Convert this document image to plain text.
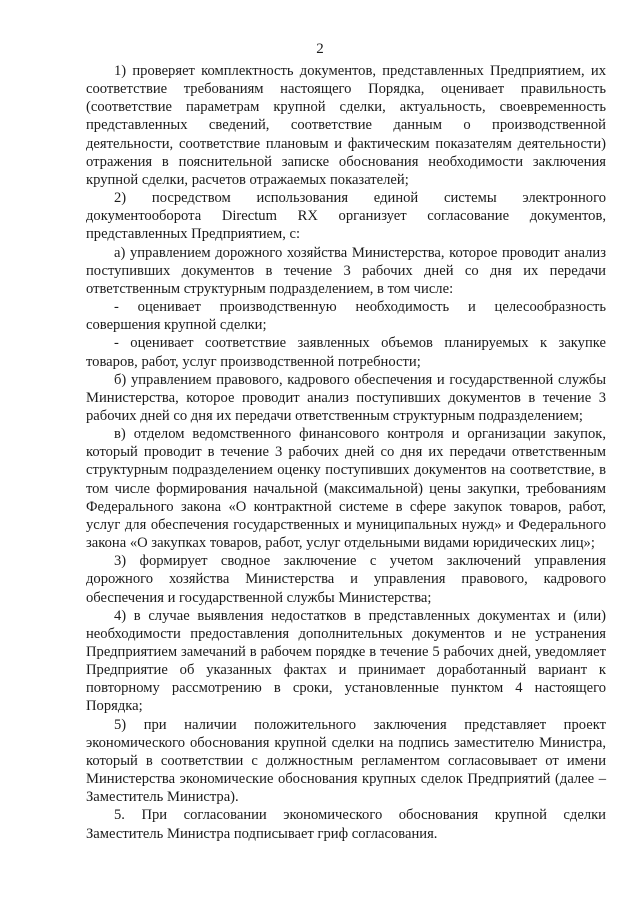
2

1) проверяет комплектность документов, представленных Предприятием, их соответствие требованиям настоящего Порядка, оценивает правильность (соответствие параметрам крупной сделки, актуальность, своевременность представленных сведений, соответствие данным о производственной деятельности, соответствие плановым и фактическим показателям деятельности) отражения в пояснительной записке обоснования необходимости заключения крупной сделки, расчетов отражаемых показателей;

2) посредством использования единой системы электронного документооборота Directum RX организует согласование документов, представленных Предприятием, с:

а) управлением дорожного хозяйства Министерства, которое проводит анализ поступивших документов в течение 3 рабочих дней со дня их передачи ответственным структурным подразделением, в том числе:

- оценивает производственную необходимость и целесообразность совершения крупной сделки;

- оценивает соответствие заявленных объемов планируемых к закупке товаров, работ, услуг производственной потребности;

б) управлением правового, кадрового обеспечения и государственной службы Министерства, которое проводит анализ поступивших документов в течение 3 рабочих дней со дня их передачи ответственным структурным подразделением;

в) отделом ведомственного финансового контроля и организации закупок, который проводит в течение 3 рабочих дней со дня их передачи ответственным структурным подразделением оценку поступивших документов на соответствие, в том числе формирования начальной (максимальной) цены закупки, требованиям Федерального закона «О контрактной системе в сфере закупок товаров, работ, услуг для обеспечения государственных и муниципальных нужд» и Федерального закона «О закупках товаров, работ, услуг отдельными видами юридических лиц»;

3) формирует сводное заключение с учетом заключений управления дорожного хозяйства Министерства и управления правового, кадрового обеспечения и государственной службы Министерства;

4) в случае выявления недостатков в представленных документах и (или) необходимости предоставления дополнительных документов и не устранения Предприятием замечаний в рабочем порядке в течение 5 рабочих дней, уведомляет Предприятие об указанных фактах и принимает доработанный вариант к повторному рассмотрению в сроки, установленные пунктом 4 настоящего Порядка;

5) при наличии положительного заключения представляет проект экономического обоснования крупной сделки на подпись заместителю Министра, который в соответствии с должностным регламентом согласовывает от имени Министерства экономические обоснования крупных сделок Предприятий (далее – Заместитель Министра).

5. При согласовании экономического обоснования крупной сделки Заместитель Министра подписывает гриф согласования.
